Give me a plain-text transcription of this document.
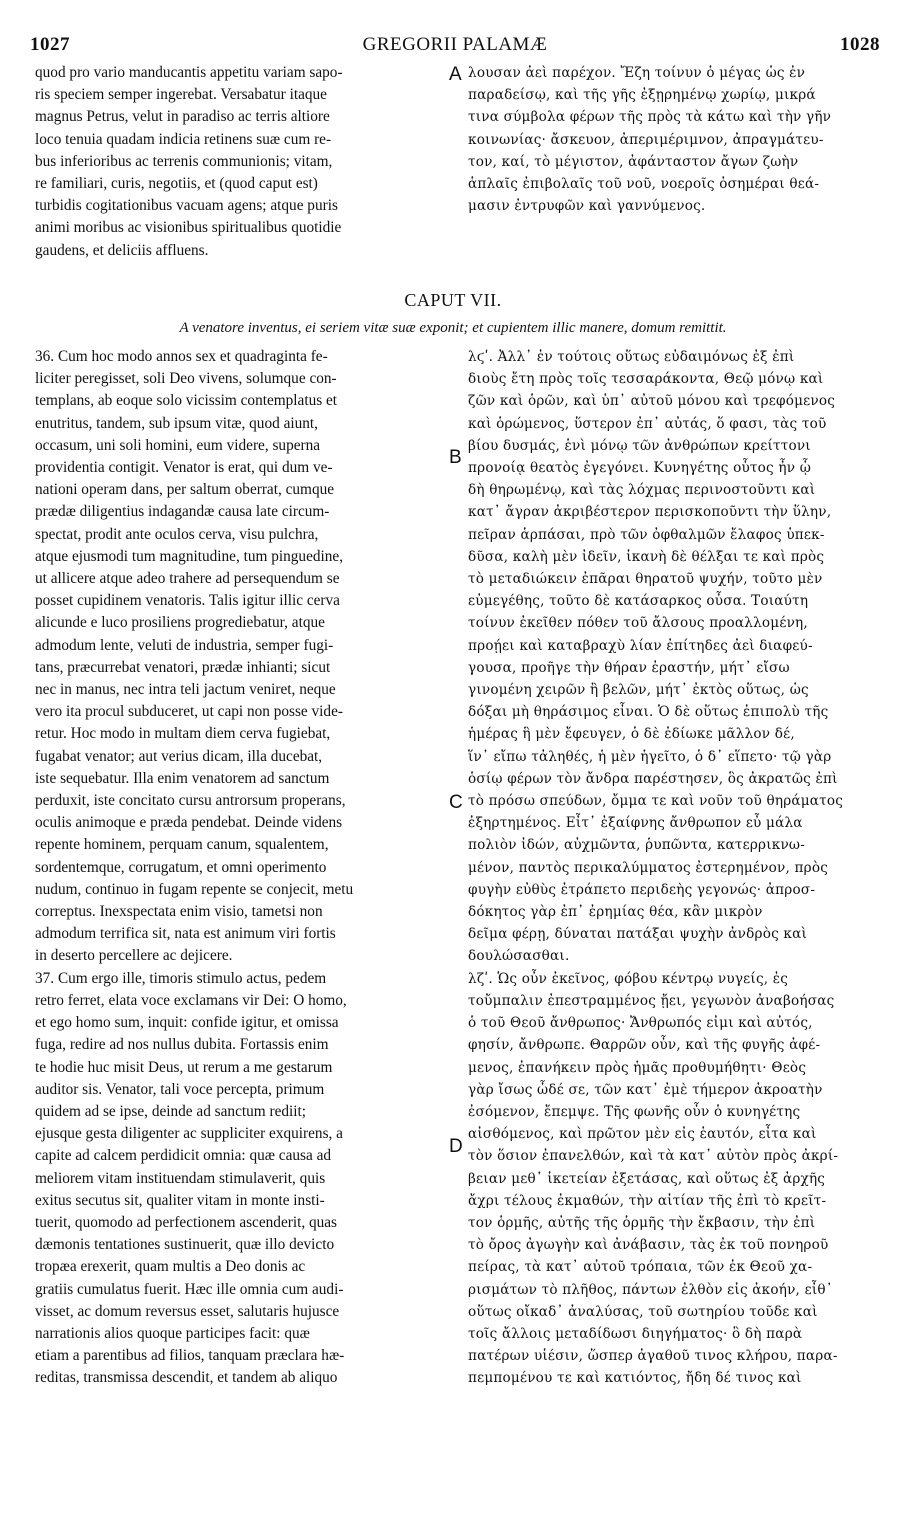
1027	GREGORII PALAMÆ	1028
quod pro vario manducantis appetitu variam sapo-
ris speciem semper ingerebat. Versabatur itaque
magnus Petrus, velut in paradiso ac terris altiore
loco tenuia quadam indicia retinens suæ cum re-
bus inferioribus ac terrenis communionis; vitam,
re familiari, curis, negotiis, et (quod caput est)
turbidis cogitationibus vacuam agens; atque puris
animi moribus ac visionibus spiritualibus quotidie
gaudens, et deliciis affluens.
λουσαν ἀεὶ παρέχον. Ἔζη τοίνυν ὁ μέγας ὡς ἐν
παραδείσῳ, καὶ τῆς γῆς ἐξῃρημένῳ χωρίῳ, μικρά
τινα σύμβολα φέρων τῆς πρὸς τὰ κάτω καὶ τὴν γῆν
κοινωνίας· ἄσκευον, ἀπεριμέριμνον, ἀπραγμάτευ-
τον, καί, τὸ μέγιστον, ἀφάνταστον ἄγων ζωὴν
ἁπλαῖς ἐπιβολαῖς τοῦ νοῦ, νοεροῖς ὁσημέραι θεά-
μασιν ἐντρυφῶν καὶ γαννύμενος.
A
CAPUT VII.
A venatore inventus, ei seriem vitæ suæ exponit; et cupientem illic manere, domum remittit.
36. Cum hoc modo annos sex et quadraginta fe-
liciter peregisset, soli Deo vivens, solumque con-
templans, ab eoque solo vicissim contemplatus et
enutritus, tandem, sub ipsum vitæ, quod aiunt,
occasum, uni soli homini, eum videre, superna
providentia contigit. Venator is erat, qui dum ve-
nationi operam dans, per saltum oberrat, cumque
prædæ diligentius indagandæ causa late circum-
spectat, prodit ante oculos cerva, visu pulchra,
atque ejusmodi tum magnitudine, tum pinguedine,
ut allicere atque adeo trahere ad persequendum se
posset cupidinem venatoris. Talis igitur illic cerva
alicunde e luco prosiliens progrediebatur, atque
admodum lente, veluti de industria, semper fugi-
tans, præcurrebat venatori, prædæ inhianti; sicut
nec in manus, nec intra teli jactum veniret, neque
vero ita procul subduceret, ut capi non posse vide-
retur. Hoc modo in multam diem cerva fugiebat,
fugabat venator; aut verius dicam, illa ducebat,
iste sequebatur. Illa enim venatorem ad sanctum
perduxit, iste concitato cursu antrorsum properans,
oculis animoque e præda pendebat. Deinde videns
repente hominem, perquam canum, squalentem,
sordentemque, corrugatum, et omni operimento
nudum, continuo in fugam repente se conjecit, metu
correptus. Inexspectata enim visio, tametsi non
admodum terrifica sit, nata est animum viri fortis
in deserto percellere ac dejicere.
37. Cum ergo ille, timoris stimulo actus, pedem
retro ferret, elata voce exclamans vir Dei: O homo,
et ego homo sum, inquit: confide igitur, et omissa
fuga, redire ad nos nullus dubita. Fortassis enim
te hodie huc misit Deus, ut rerum a me gestarum
auditor sis. Venator, tali voce percepta, primum
quidem ad se ipse, deinde ad sanctum rediit;
ejusque gesta diligenter ac suppliciter exquirens, a
capite ad calcem perdidicit omnia: quæ causa ad
meliorem vitam instituendam stimulaverit, quis
exitus secutus sit, qualiter vitam in monte insti-
tuerit, quomodo ad perfectionem ascenderit, quas
dæmonis tentationes sustinuerit, quæ illo devicto
tropæa erexerit, quam multis a Deo donis ac
gratiis cumulatus fuerit. Hæc ille omnia cum audi-
visset, ac domum reversus esset, salutaris hujusce
narrationis alios quoque participes facit: quæ
etiam a parentibus ad filios, tanquam præclara hæ-
reditas, transmissa descendit, et tandem ab aliquo
λϛʹ. Ἀλλ᾽ ἐν τούτοις οὕτως εὐδαιμόνως ἐξ ἐπὶ
διοὺς ἔτη πρὸς τοῖς τεσσαράκοντα, Θεῷ μόνῳ καὶ
ζῶν καὶ ὁρῶν, καὶ ὑπ᾽ αὐτοῦ μόνου καὶ τρεφόμενος
καὶ ὁρώμενος, ὕστερον ἐπ᾽ αὐτάς, ὅ φασι, τὰς τοῦ
βίου δυσμάς, ἑνὶ μόνῳ τῶν ἀνθρώπων κρείττονι
προνοίᾳ θεατὸς ἐγεγόνει. Κυνηγέτης οὗτος ἦν ᾧ
δὴ θηρωμένῳ, καὶ τὰς λόχμας περινοστοῦντι καὶ
κατ᾽ ἄγραν ἀκριβέστερον περισκοποῦντι τὴν ὕλην,
πεῖραν ἁρπάσαι, πρὸ τῶν ὀφθαλμῶν ἔλαφος ὑπεκ-
δῦσα, καλὴ μὲν ἰδεῖν, ἱκανὴ δὲ θέλξαι τε καὶ πρὸς
τὸ μεταδιώκειν ἐπᾶραι θηρατοῦ ψυχήν, τοῦτο μὲν
εὐμεγέθης, τοῦτο δὲ κατάσαρκος οὖσα. Τοιαύτη
τοίνυν ἐκεῖθεν πόθεν τοῦ ἄλσους προαλλομένη,
προῄει καὶ καταβραχὺ λίαν ἐπίτηδες ἀεὶ διαφεύ-
γουσα, προῆγε τὴν θήραν ἐραστήν, μήτ᾽ εἴσω
γινομένη χειρῶν ἢ βελῶν, μήτ᾽ ἐκτὸς οὕτως, ὡς
δόξαι μὴ θηράσιμος εἶναι. Ὁ δὲ οὕτως ἐπιπολὺ τῆς
ἡμέρας ἣ μὲν ἔφευγεν, ὁ δὲ ἐδίωκε μᾶλλον δέ,
ἵν᾽ εἴπω τἀληθές, ἡ μὲν ἡγεῖτο, ὁ δ᾽ εἵπετο· τῷ γὰρ
ὁσίῳ φέρων τὸν ἄνδρα παρέστησεν, ὃς ἀκρατῶς ἐπὶ
τὸ πρόσω σπεύδων, ὄμμα τε καὶ νοῦν τοῦ θηράματος
ἐξηρτημένος. Εἶτ᾽ ἐξαίφνης ἄνθρωπον εὖ μάλα
πολιὸν ἰδών, αὐχμῶντα, ῥυπῶντα, κατερρικνω-
μένον, παντὸς περικαλύμματος ἐστερημένον, πρὸς
φυγὴν εὐθὺς ἐτράπετο περιδεὴς γεγονώς· ἀπροσ-
δόκητος γὰρ ἐπ᾽ ἐρημίας θέα, κἂν μικρὸν
δεῖμα φέρῃ, δύναται πατάξαι ψυχὴν ἀνδρὸς καὶ
δουλώσασθαι.
λζʹ. Ὡς οὖν ἐκεῖνος, φόβου κέντρῳ νυγείς, ἐς
τοὔμπαλιν ἐπεστραμμένος ᾔει, γεγωνὸν ἀναβοήσας
ὁ τοῦ Θεοῦ ἄνθρωπος· Ἄνθρωπός εἰμι καὶ αὐτός,
φησίν, ἄνθρωπε. Θαρρῶν οὖν, καὶ τῆς φυγῆς ἀφέ-
μενος, ἐπανήκειν πρὸς ἡμᾶς προθυμήθητι· Θεὸς
γὰρ ἴσως ὧδέ σε, τῶν κατ᾽ ἐμὲ τήμερον ἀκροατὴν
ἐσόμενον, ἔπεμψε. Τῆς φωνῆς οὖν ὁ κυνηγέτης
αἰσθόμενος, καὶ πρῶτον μὲν εἰς ἑαυτόν, εἶτα καὶ
τὸν ὅσιον ἐπανελθών, καὶ τὰ κατ᾽ αὐτὸν πρὸς ἀκρί-
βειαν μεθ᾽ ἱκετείαν ἐξετάσας, καὶ οὕτως ἐξ ἀρχῆς
ἄχρι τέλους ἐκμαθών, τὴν αἰτίαν τῆς ἐπὶ τὸ κρεῖτ-
τον ὁρμῆς, αὐτῆς τῆς ὁρμῆς τὴν ἔκβασιν, τὴν ἐπὶ
τὸ ὄρος ἀγωγὴν καὶ ἀνάβασιν, τὰς ἐκ τοῦ πονηροῦ
πείρας, τὰ κατ᾽ αὐτοῦ τρόπαια, τῶν ἐκ Θεοῦ χα-
ρισμάτων τὸ πλῆθος, πάντων ἐλθὸν εἰς ἀκοήν, εἶθ᾽
οὕτως οἴκαδ᾽ ἀναλύσας, τοῦ σωτηρίου τοῦδε καὶ
τοῖς ἄλλοις μεταδίδωσι διηγήματος· ὃ δὴ παρὰ
πατέρων υἱέσιν, ὥσπερ ἀγαθοῦ τινος κλήρου, παρα-
πεμπομένου τε καὶ κατιόντος, ἤδη δέ τινος καὶ
B
C
D
